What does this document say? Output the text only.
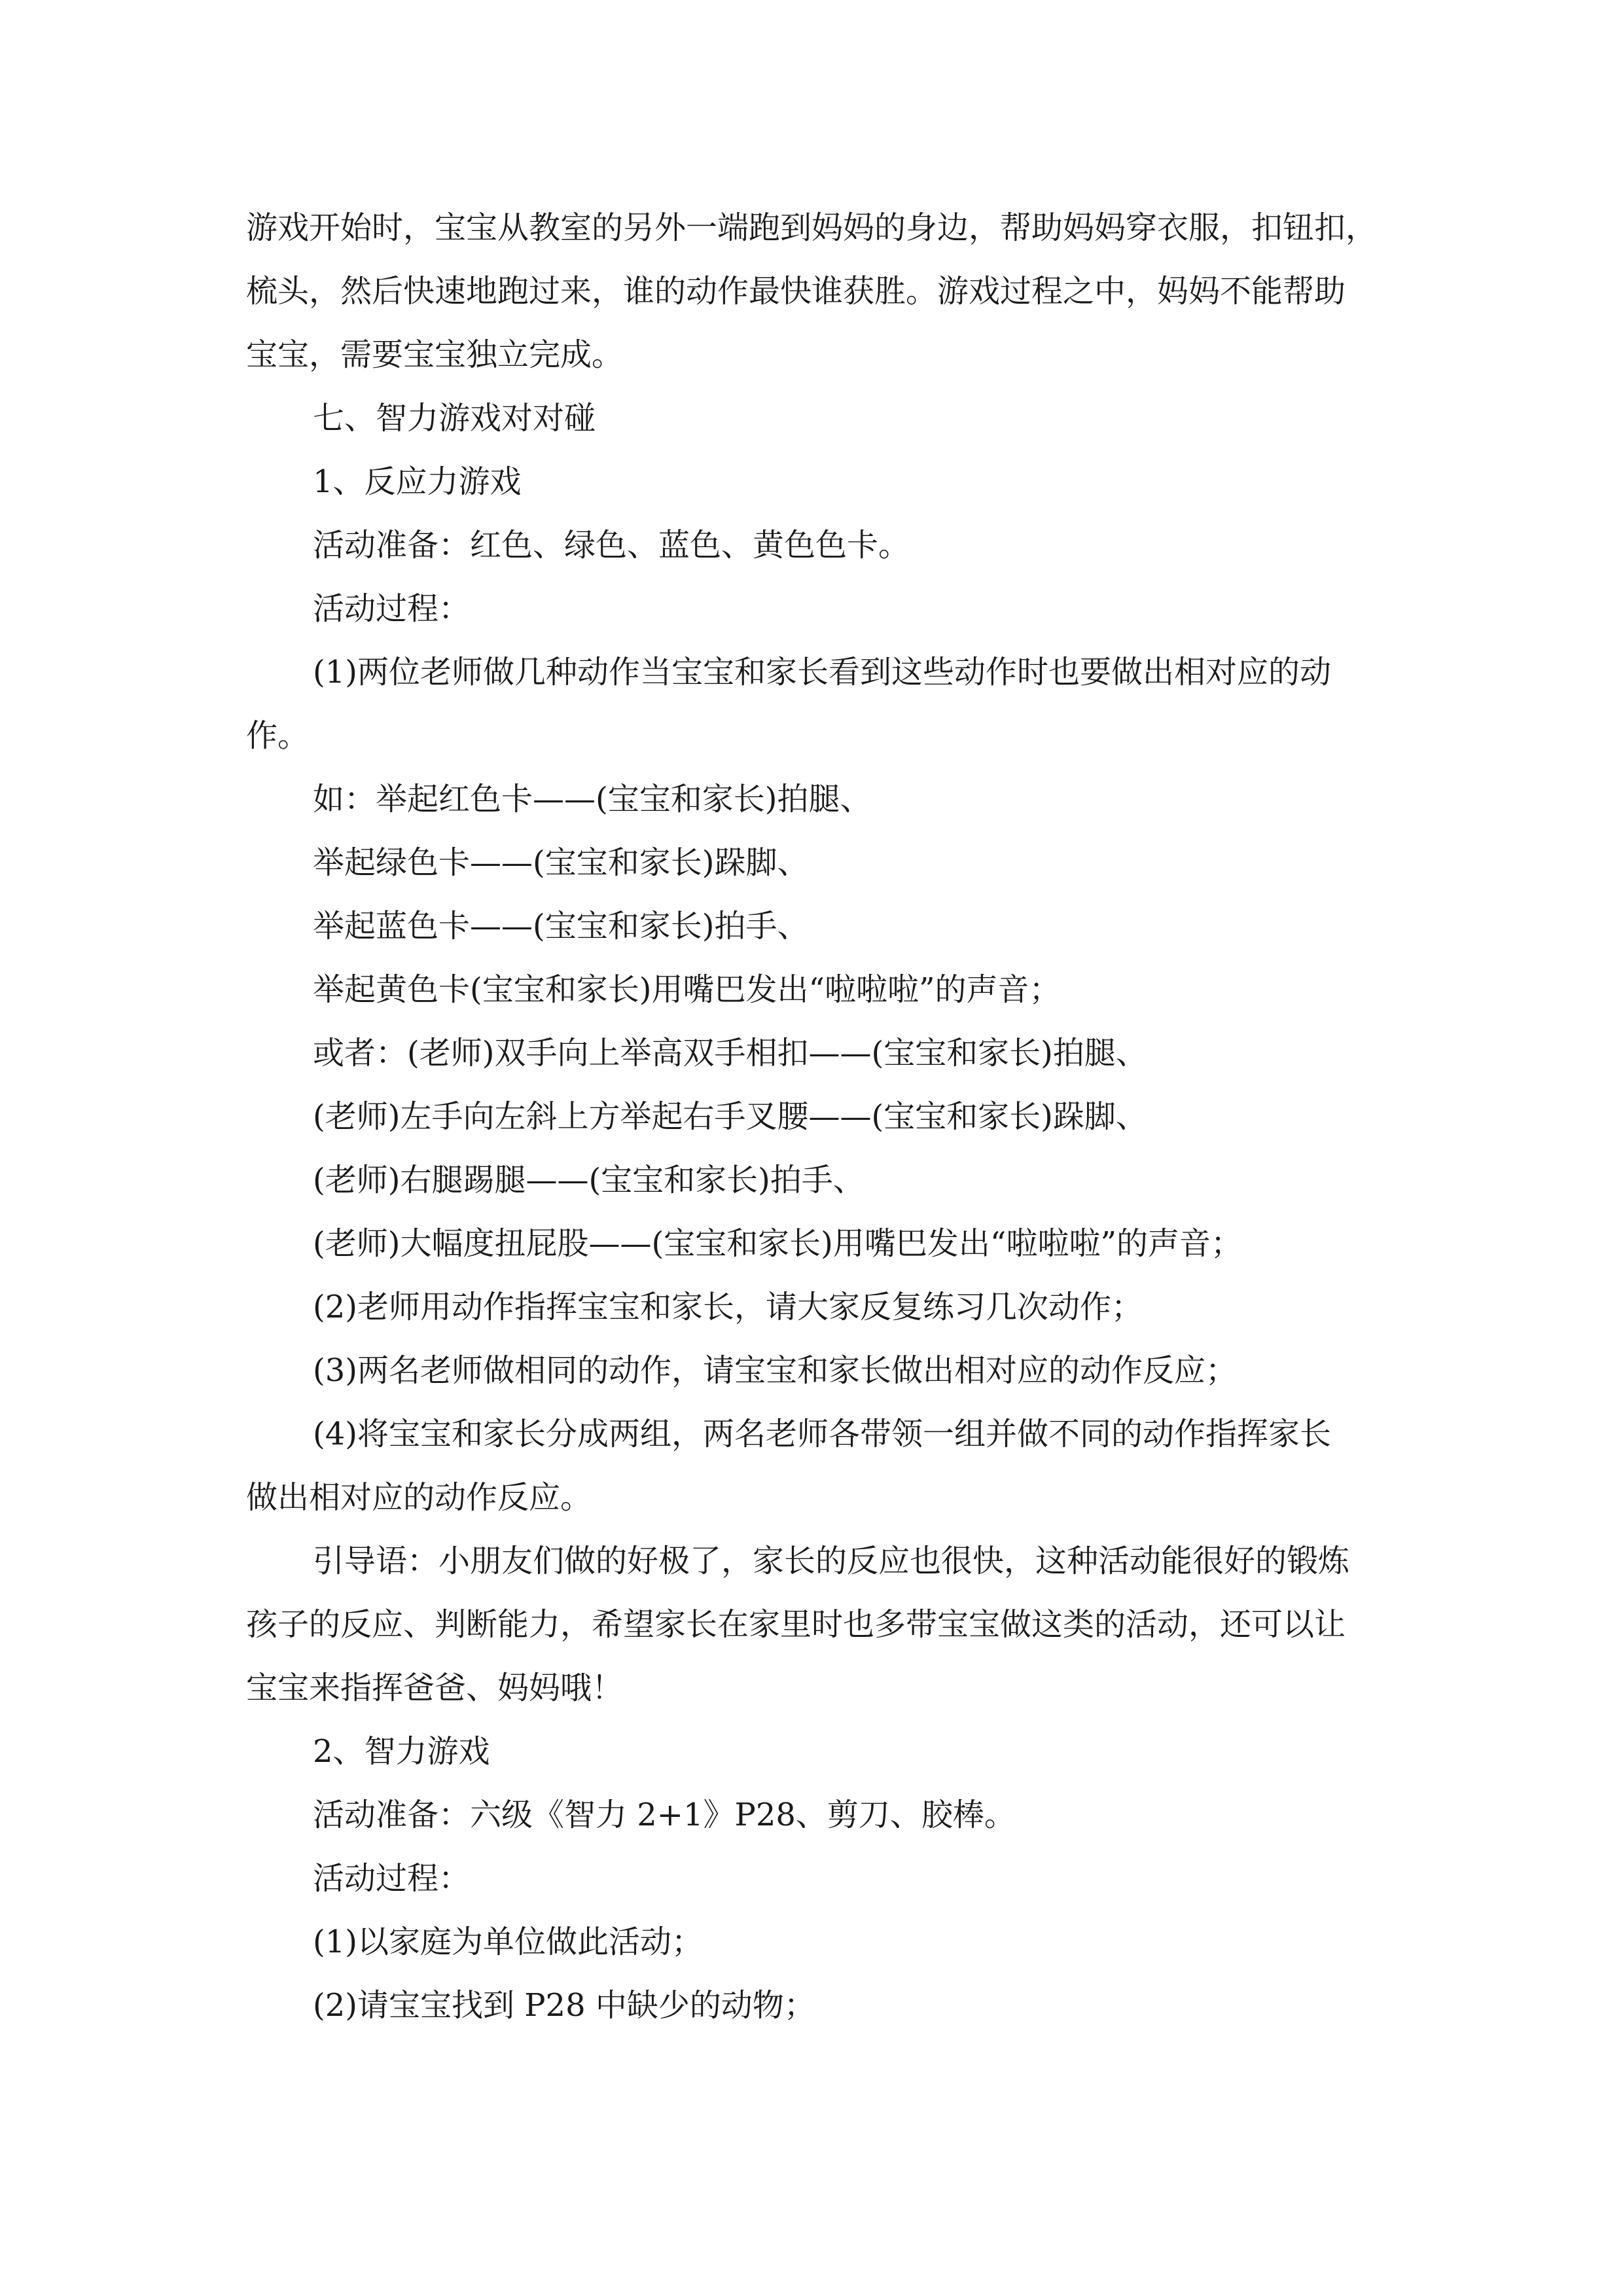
游戏开始时，宝宝从教室的另外一端跑到妈妈的身边，帮助妈妈穿衣服，扣钮扣，

梳头，然后快速地跑过来，谁的动作最快谁获胜。游戏过程之中，妈妈不能帮助

宝宝，需要宝宝独立完成。

七、智力游戏对对碰

1、反应力游戏

活动准备：红色、绿色、蓝色、黄色色卡。

活动过程：

(1)两位老师做几种动作当宝宝和家长看到这些动作时也要做出相对应的动

作。

如：举起红色卡——(宝宝和家长)拍腿、

举起绿色卡——(宝宝和家长)跺脚、

举起蓝色卡——(宝宝和家长)拍手、

举起黄色卡(宝宝和家长)用嘴巴发出“啦啦啦”的声音；

或者：(老师)双手向上举高双手相扣——(宝宝和家长)拍腿、

(老师)左手向左斜上方举起右手叉腰——(宝宝和家长)跺脚、

(老师)右腿踢腿——(宝宝和家长)拍手、

(老师)大幅度扭屁股——(宝宝和家长)用嘴巴发出“啦啦啦”的声音；

(2)老师用动作指挥宝宝和家长，请大家反复练习几次动作；

(3)两名老师做相同的动作，请宝宝和家长做出相对应的动作反应；

(4)将宝宝和家长分成两组，两名老师各带领一组并做不同的动作指挥家长

做出相对应的动作反应。

引导语：小朋友们做的好极了，家长的反应也很快，这种活动能很好的锻炼

孩子的反应、判断能力，希望家长在家里时也多带宝宝做这类的活动，还可以让

宝宝来指挥爸爸、妈妈哦！

2、智力游戏

活动准备：六级《智力 2+1》P28、剪刀、胶棒。

活动过程：

(1)以家庭为单位做此活动；

(2)请宝宝找到 P28 中缺少的动物；
